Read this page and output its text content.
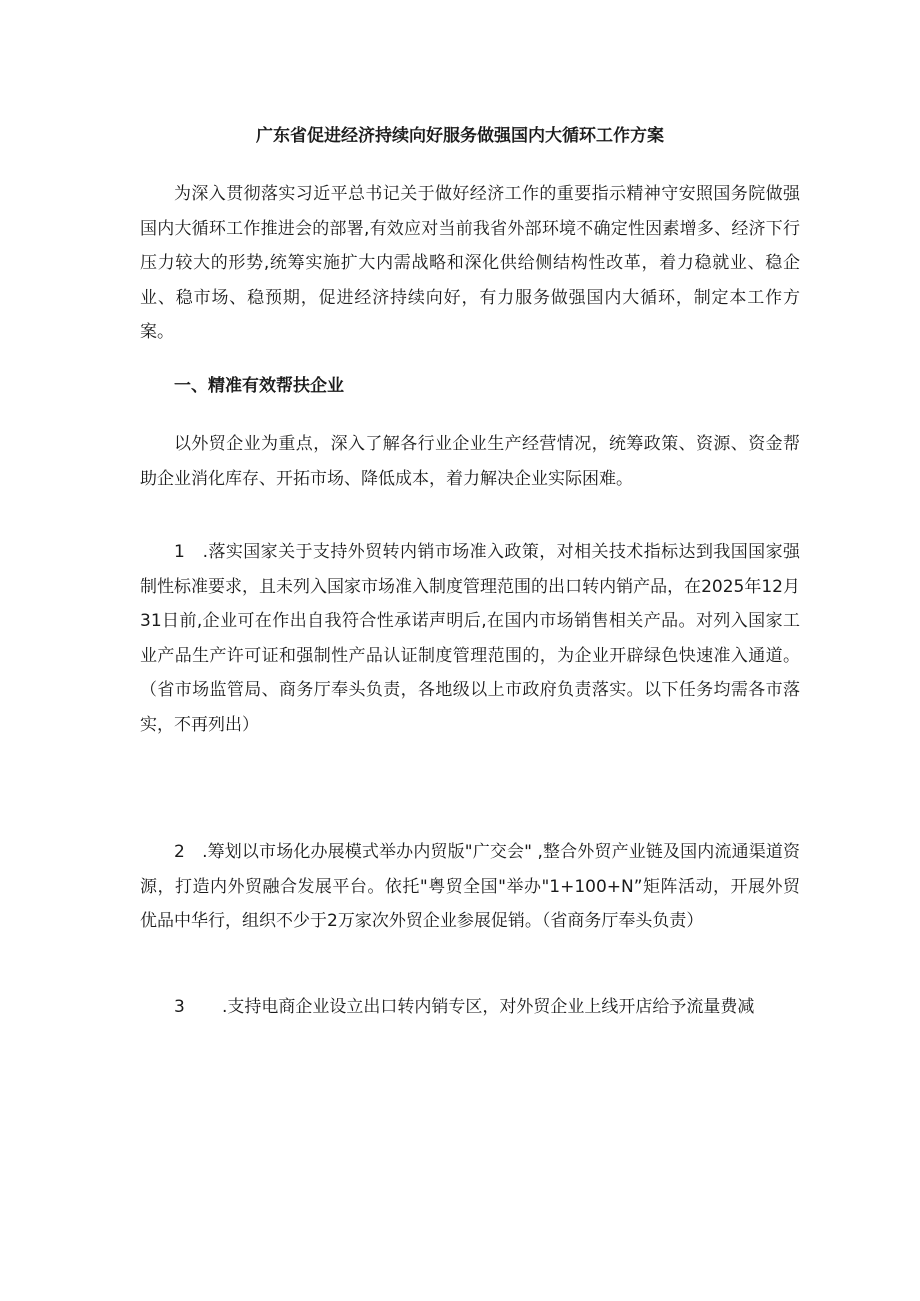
广东省促进经济持续向好服务做强国内大循环工作方案
为深入贯彻落实习近平总书记关于做好经济工作的重要指示精神守安照国务院做强国内大循环工作推进会的部署,有效应对当前我省外部环境不确定性因素增多、经济下行压力较大的形势,统筹实施扩大内需战略和深化供给侧结构性改革，着力稳就业、稳企业、稳市场、稳预期，促进经济持续向好，有力服务做强国内大循环，制定本工作方案。
一、精准有效帮扶企业
以外贸企业为重点，深入了解各行业企业生产经营情况，统筹政策、资源、资金帮助企业消化库存、开拓市场、降低成本，着力解决企业实际困难。
1　.落实国家关于支持外贸转内销市场准入政策，对相关技术指标达到我国国家强制性标准要求，且未列入国家市场准入制度管理范围的出口转内销产品，在2025年12月31日前,企业可在作出自我符合性承诺声明后,在国内市场销售相关产品。对列入国家工业产品生产许可证和强制性产品认证制度管理范围的，为企业开辟绿色快速准入通道。（省市场监管局、商务厅奉头负责，各地级以上市政府负责落实。以下任务均需各市落实，不再列出）
2　.筹划以市场化办展模式举办内贸版"广交会" ,整合外贸产业链及国内流通渠道资源，打造内外贸融合发展平台。依托"粤贸全国"举办"1+100+N”矩阵活动，开展外贸优品中华行，组织不少于2万家次外贸企业参展促销。（省商务厅奉头负责）
3 .支持电商企业设立出口转内销专区，对外贸企业上线开店给予流量费减
